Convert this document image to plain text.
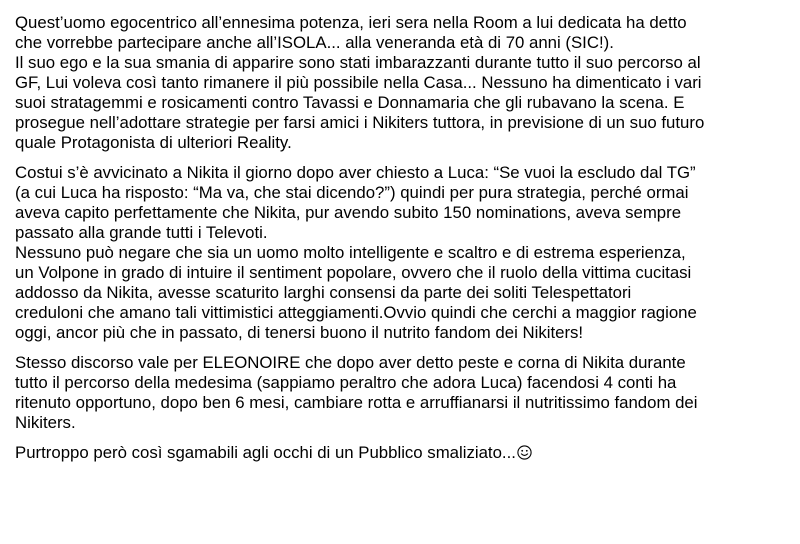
Quest’uomo egocentrico all’ennesima potenza, ieri sera nella Room a lui dedicata ha detto
che vorrebbe partecipare anche all’ISOLA... alla veneranda età di 70 anni (SIC!).
Il suo ego e la sua smania di apparire sono stati imbarazzanti durante tutto il suo percorso al
GF, Lui voleva così tanto rimanere il più possibile nella Casa... Nessuno ha dimenticato i vari
suoi stratagemmi e rosicamenti contro Tavassi e Donnamaria che gli rubavano la scena. E
prosegue nell’adottare strategie per farsi amici i Nikiters tuttora, in previsione di un suo futuro
quale Protagonista di ulteriori Reality.
Costui s’è avvicinato a Nikita il giorno dopo aver chiesto a Luca: “Se vuoi la escludo dal TG”
(a cui Luca ha risposto: “Ma va, che stai dicendo?”) quindi per pura strategia, perché ormai
aveva capito perfettamente che Nikita, pur avendo subito 150 nominations, aveva sempre
passato alla grande tutti i Televoti.
Nessuno può negare che sia un uomo molto intelligente e scaltro e di estrema esperienza,
un Volpone in grado di intuire il sentiment popolare, ovvero che il ruolo della vittima cucitasi
addosso da Nikita, avesse scaturito larghi consensi da parte dei soliti Telespettatori
creduloni che amano tali vittimistici atteggiamenti.Ovvio quindi che cerchi a maggior ragione
oggi, ancor più che in passato, di tenersi buono il nutrito fandom dei Nikiters!
Stesso discorso vale per ELEONOIRE che dopo aver detto peste e corna di Nikita durante
tutto il percorso della medesima (sappiamo peraltro che adora Luca) facendosi 4 conti ha
ritenuto opportuno, dopo ben 6 mesi, cambiare rotta e arruffianarsi il nutritissimo fandom dei
Nikiters.
Purtroppo però così sgamabili agli occhi di un Pubblico smaliziato...
